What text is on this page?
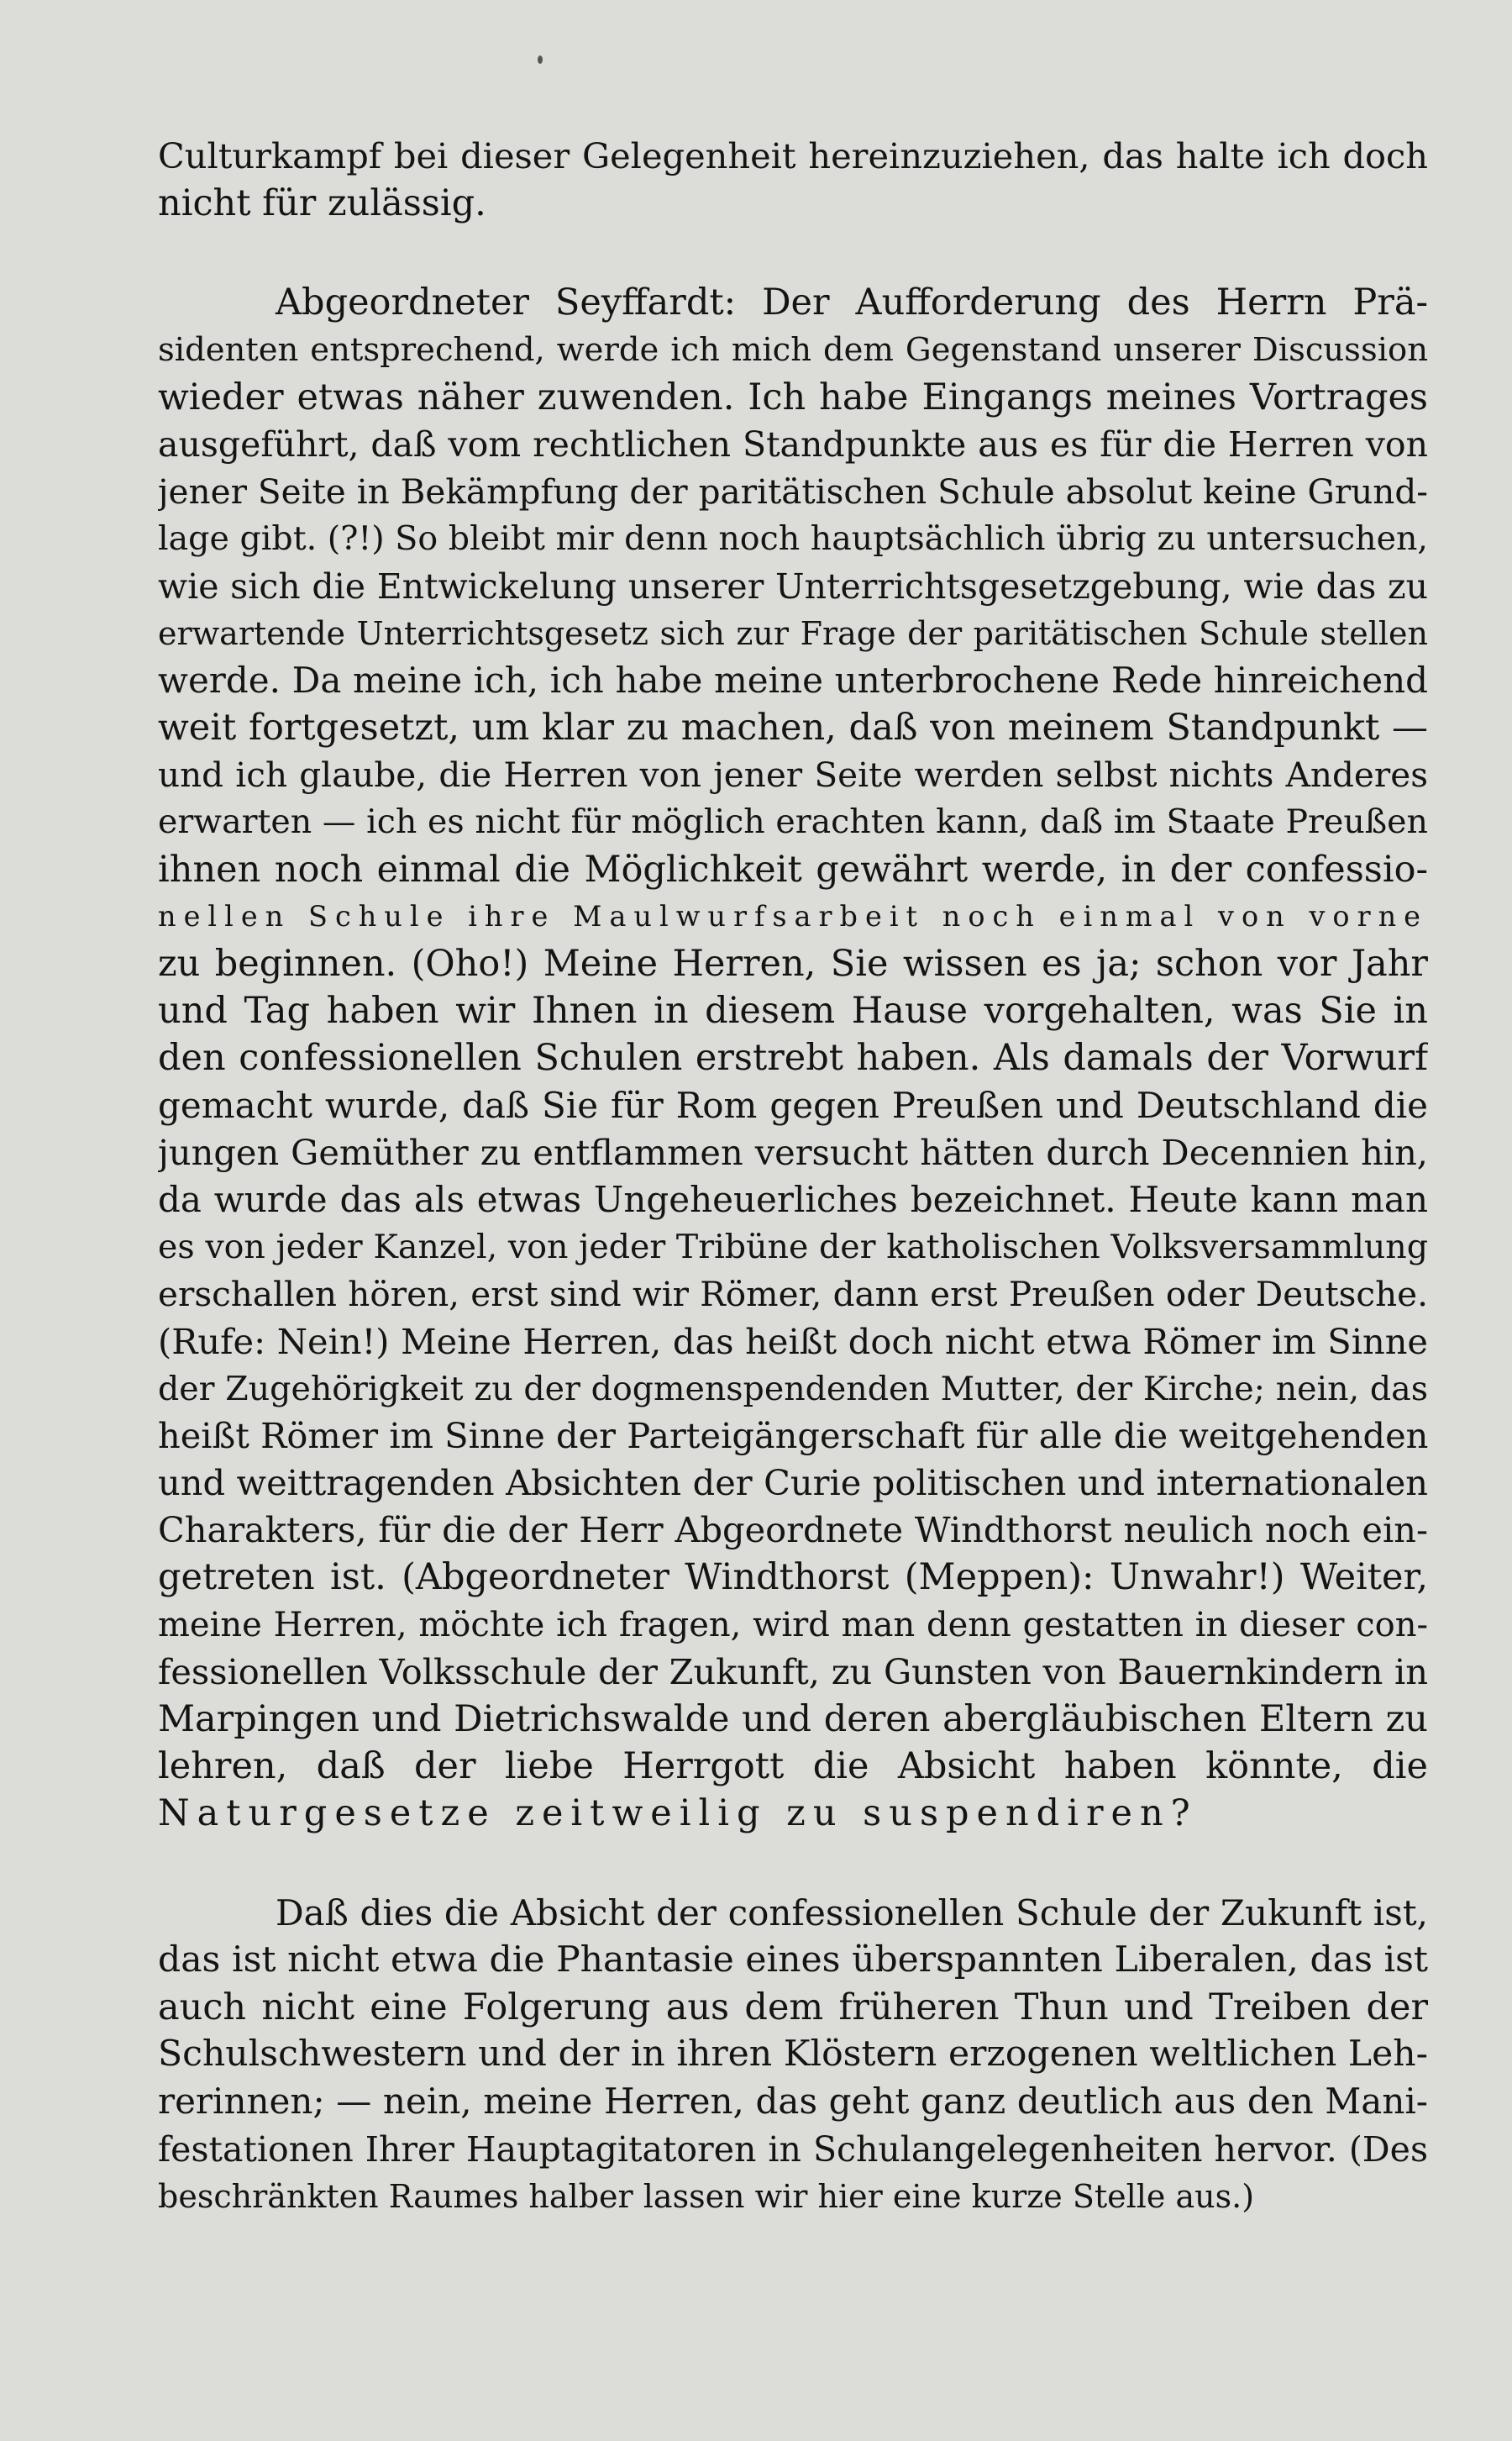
Culturkampf bei dieser Gelegenheit hereinzuziehen, das halte ich doch
nicht für zulässig.
Abgeordneter Seyffardt: Der Aufforderung des Herrn Prä-
sidenten entsprechend, werde ich mich dem Gegenstand unserer Discussion
wieder etwas näher zuwenden. Ich habe Eingangs meines Vortrages
ausgeführt, daß vom rechtlichen Standpunkte aus es für die Herren von
jener Seite in Bekämpfung der paritätischen Schule absolut keine Grund-
lage gibt. (?!) So bleibt mir denn noch hauptsächlich übrig zu untersuchen,
wie sich die Entwickelung unserer Unterrichtsgesetzgebung, wie das zu
erwartende Unterrichtsgesetz sich zur Frage der paritätischen Schule stellen
werde. Da meine ich, ich habe meine unterbrochene Rede hinreichend
weit fortgesetzt, um klar zu machen, daß von meinem Standpunkt —
und ich glaube, die Herren von jener Seite werden selbst nichts Anderes
erwarten — ich es nicht für möglich erachten kann, daß im Staate Preußen
ihnen noch einmal die Möglichkeit gewährt werde, in der confessio-
nellen Schule ihre Maulwurfsarbeit noch einmal von vorne
zu beginnen. (Oho!) Meine Herren, Sie wissen es ja; schon vor Jahr
und Tag haben wir Ihnen in diesem Hause vorgehalten, was Sie in
den confessionellen Schulen erstrebt haben. Als damals der Vorwurf
gemacht wurde, daß Sie für Rom gegen Preußen und Deutschland die
jungen Gemüther zu entflammen versucht hätten durch Decennien hin,
da wurde das als etwas Ungeheuerliches bezeichnet. Heute kann man
es von jeder Kanzel, von jeder Tribüne der katholischen Volksversammlung
erschallen hören, erst sind wir Römer, dann erst Preußen oder Deutsche.
(Rufe: Nein!) Meine Herren, das heißt doch nicht etwa Römer im Sinne
der Zugehörigkeit zu der dogmenspendenden Mutter, der Kirche; nein, das
heißt Römer im Sinne der Parteigängerschaft für alle die weitgehenden
und weittragenden Absichten der Curie politischen und internationalen
Charakters, für die der Herr Abgeordnete Windthorst neulich noch ein-
getreten ist. (Abgeordneter Windthorst (Meppen): Unwahr!) Weiter,
meine Herren, möchte ich fragen, wird man denn gestatten in dieser con-
fessionellen Volksschule der Zukunft, zu Gunsten von Bauernkindern in
Marpingen und Dietrichswalde und deren abergläubischen Eltern zu
lehren, daß der liebe Herrgott die Absicht haben könnte, die
Naturgesetze zeitweilig zu suspendiren?
Daß dies die Absicht der confessionellen Schule der Zukunft ist,
das ist nicht etwa die Phantasie eines überspannten Liberalen, das ist
auch nicht eine Folgerung aus dem früheren Thun und Treiben der
Schulschwestern und der in ihren Klöstern erzogenen weltlichen Leh-
rerinnen; — nein, meine Herren, das geht ganz deutlich aus den Mani-
festationen Ihrer Hauptagitatoren in Schulangelegenheiten hervor. (Des
beschränkten Raumes halber lassen wir hier eine kurze Stelle aus.)
